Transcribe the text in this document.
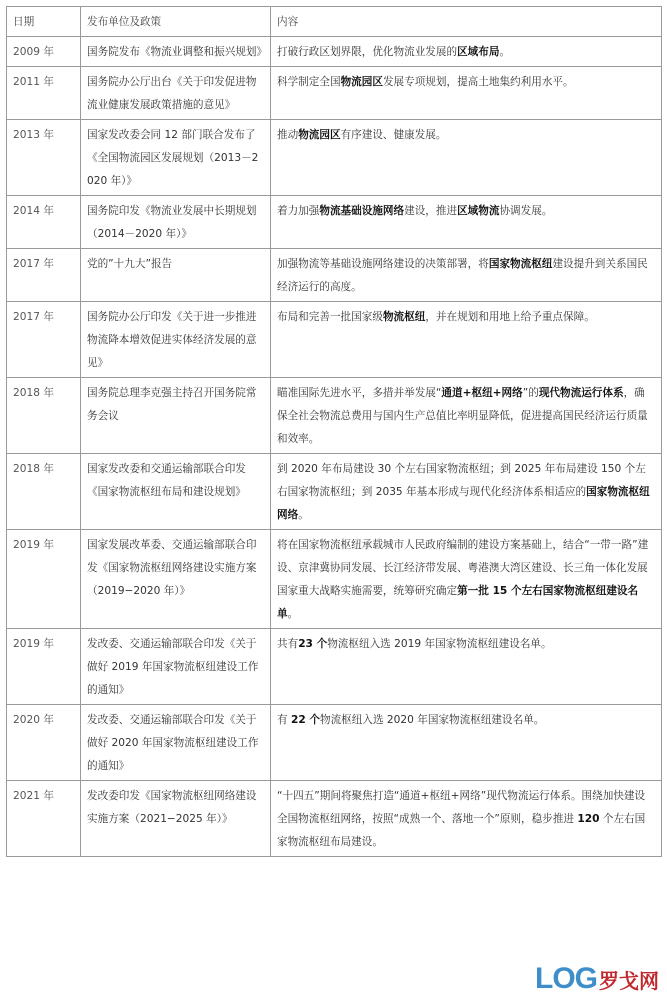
日期	发布单位及政策	内容
2009 年	国务院发布《物流业调整和振兴规划》	打破行政区划界限，优化物流业发展的区域布局。
2011 年	国务院办公厅出台《关于印发促进物流业健康发展政策措施的意见》	科学制定全国物流园区发展专项规划，提高土地集约利用水平。
2013 年	国家发改委会同 12 部门联合发布了《全国物流园区发展规划（2013－2020 年）》	推动物流园区有序建设、健康发展。
2014 年	国务院印发《物流业发展中长期规划（2014－2020 年）》	着力加强物流基础设施网络建设，推进区域物流协调发展。
2017 年	党的”十九大”报告	加强物流等基础设施网络建设的决策部署，将国家物流枢纽建设提升到关系国民经济运行的高度。
2017 年	国务院办公厅印发《关于进一步推进物流降本增效促进实体经济发展的意见》	布局和完善一批国家级物流枢纽，并在规划和用地上给予重点保障。
2018 年	国务院总理李克强主持召开国务院常务会议	瞄准国际先进水平，多措并举发展“通道+枢纽+网络”的现代物流运行体系，确保全社会物流总费用与国内生产总值比率明显降低，促进提高国民经济运行质量和效率。
2018 年	国家发改委和交通运输部联合印发《国家物流枢纽布局和建设规划》	到 2020 年布局建设 30 个左右国家物流枢纽；到 2025 年布局建设 150 个左右国家物流枢纽；到 2035 年基本形成与现代化经济体系相适应的国家物流枢纽网络。
2019 年	国家发展改革委、交通运输部联合印发《国家物流枢纽网络建设实施方案（2019−2020 年）》	将在国家物流枢纽承载城市人民政府编制的建设方案基础上，结合“一带一路”建设、京津冀协同发展、长江经济带发展、粤港澳大湾区建设、长三角一体化发展国家重大战略实施需要，统筹研究确定第一批 15 个左右国家物流枢纽建设名单。
2019 年	发改委、交通运输部联合印发《关于做好 2019 年国家物流枢纽建设工作的通知》	共有23 个物流枢纽入选 2019 年国家物流枢纽建设名单。
2020 年	发改委、交通运输部联合印发《关于做好 2020 年国家物流枢纽建设工作的通知》	有 22 个物流枢纽入选 2020 年国家物流枢纽建设名单。
2021 年	发改委印发《国家物流枢纽网络建设实施方案（2021−2025 年）》	“十四五”期间将聚焦打造“通道+枢纽+网络”现代物流运行体系。围绕加快建设全国物流枢纽网络，按照“成熟一个、落地一个”原则，稳步推进 120 个左右国家物流枢纽布局建设。
LOG 罗戈网
